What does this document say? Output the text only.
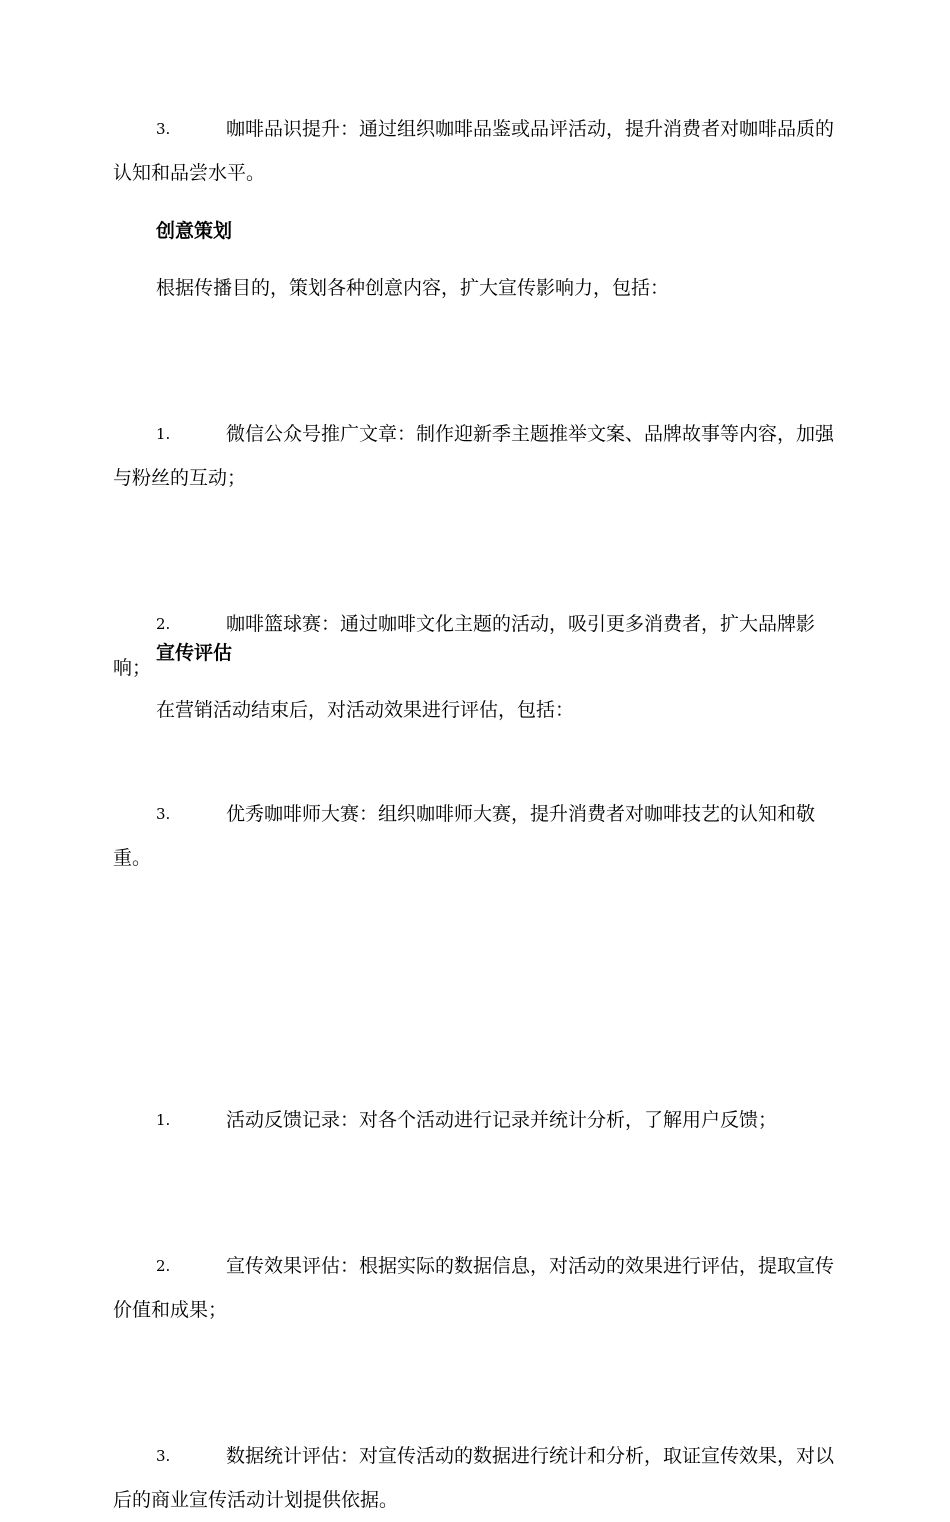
3.	咖啡品识提升：通过组织咖啡品鉴或品评活动，提升消费者对咖啡品质的认知和品尝水平。
创意策划
根据传播目的，策划各种创意内容，扩大宣传影响力，包括：
1.	微信公众号推广文章：制作迎新季主题推举文案、品牌故事等内容，加强与粉丝的互动；
2.	咖啡篮球赛：通过咖啡文化主题的活动，吸引更多消费者，扩大品牌影响；
3.	优秀咖啡师大赛：组织咖啡师大赛，提升消费者对咖啡技艺的认知和敬重。
宣传评估
在营销活动结束后，对活动效果进行评估，包括：
1.	活动反馈记录：对各个活动进行记录并统计分析，了解用户反馈；
2.	宣传效果评估：根据实际的数据信息，对活动的效果进行评估，提取宣传价值和成果；
3.	数据统计评估：对宣传活动的数据进行统计和分析，取证宣传效果，对以后的商业宣传活动计划提供依据。
